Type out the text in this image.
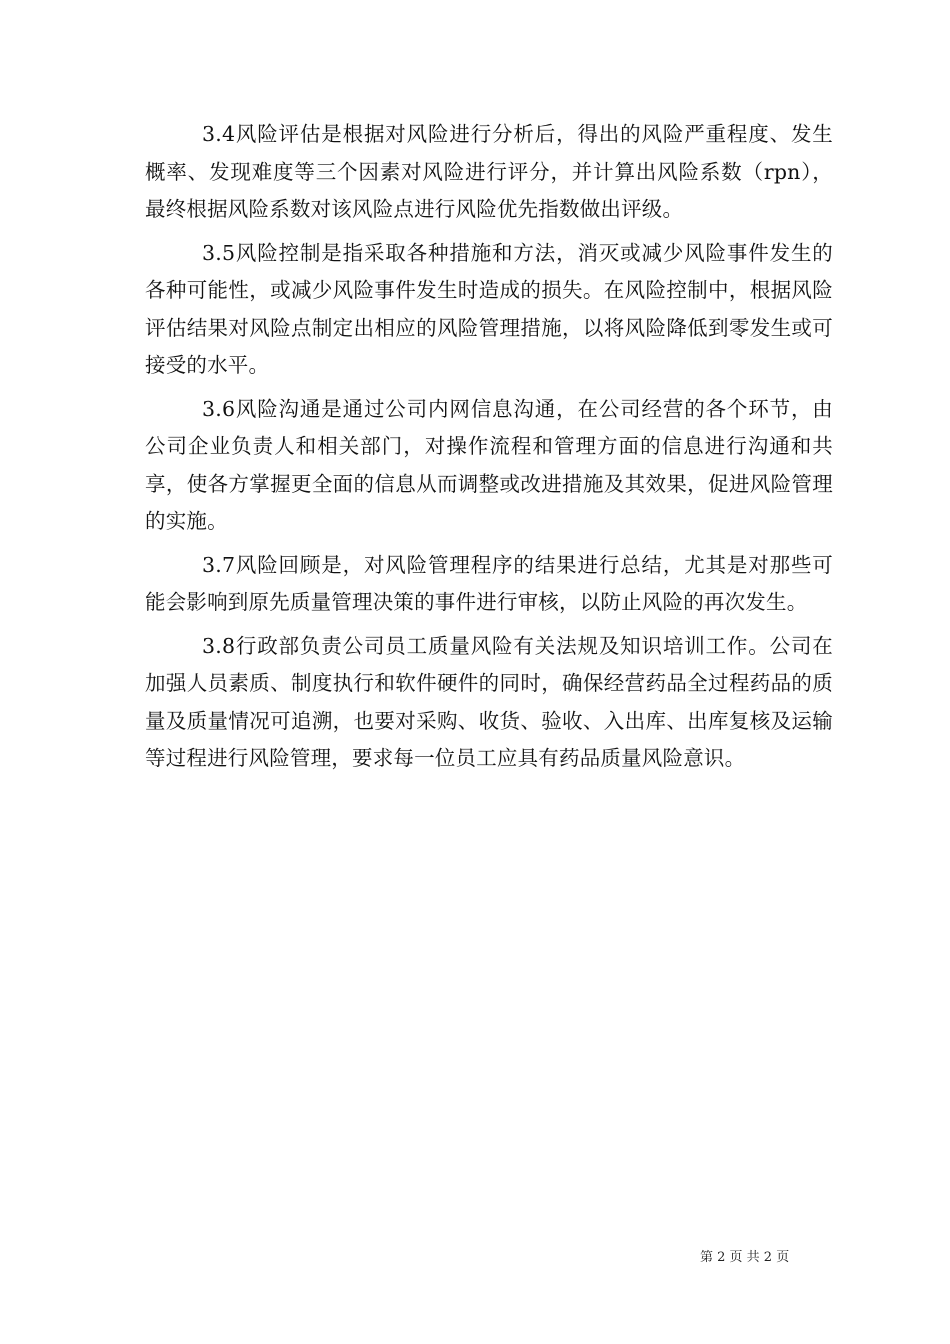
3.4风险评估是根据对风险进行分析后，得出的风险严重程度、发生概率、发现难度等三个因素对风险进行评分，并计算出风险系数（rpn），最终根据风险系数对该风险点进行风险优先指数做出评级。

3.5风险控制是指采取各种措施和方法，消灭或减少风险事件发生的各种可能性，或减少风险事件发生时造成的损失。在风险控制中，根据风险评估结果对风险点制定出相应的风险管理措施，以将风险降低到零发生或可接受的水平。

3.6风险沟通是通过公司内网信息沟通，在公司经营的各个环节，由公司企业负责人和相关部门，对操作流程和管理方面的信息进行沟通和共享，使各方掌握更全面的信息从而调整或改进措施及其效果，促进风险管理的实施。

3.7风险回顾是，对风险管理程序的结果进行总结，尤其是对那些可能会影响到原先质量管理决策的事件进行审核，以防止风险的再次发生。

3.8行政部负责公司员工质量风险有关法规及知识培训工作。公司在加强人员素质、制度执行和软件硬件的同时，确保经营药品全过程药品的质量及质量情况可追溯，也要对采购、收货、验收、入出库、出库复核及运输等过程进行风险管理，要求每一位员工应具有药品质量风险意识。

第 2 页 共 2 页
